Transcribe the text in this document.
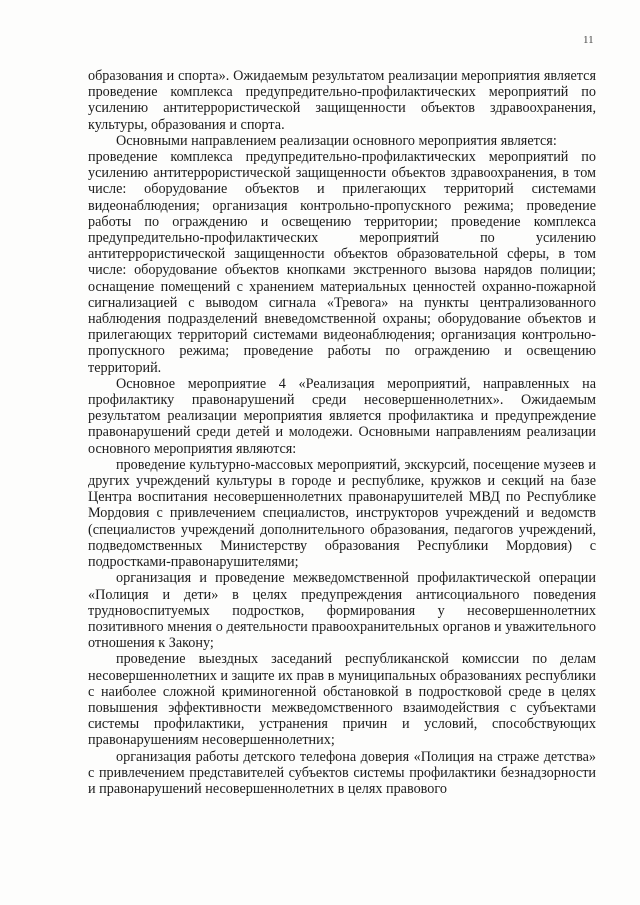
11

образования и спорта». Ожидаемым результатом реализации мероприятия является проведение комплекса предупредительно-профилактических мероприятий по усилению антитеррористической защищенности объектов здравоохранения, культуры, образования и спорта.

Основными направлением реализации основного мероприятия является:

проведение комплекса предупредительно-профилактических мероприятий по усилению антитеррористической защищенности объектов здравоохранения, в том числе: оборудование объектов и прилегающих территорий системами видеонаблюдения; организация контрольно-пропускного режима; проведение работы по ограждению и освещению территории; проведение комплекса предупредительно-профилактических мероприятий по усилению антитеррористической защищенности объектов образовательной сферы, в том числе: оборудование объектов кнопками экстренного вызова нарядов полиции; оснащение помещений с хранением материальных ценностей охранно-пожарной сигнализацией с выводом сигнала «Тревога» на пункты централизованного наблюдения подразделений вневедомственной охраны; оборудование объектов и прилегающих территорий системами видеонаблюдения; организация контрольно-пропускного режима; проведение работы по ограждению и освещению территорий.

Основное мероприятие 4 «Реализация мероприятий, направленных на профилактику правонарушений среди несовершеннолетних». Ожидаемым результатом реализации мероприятия является профилактика и предупреждение правонарушений среди детей и молодежи. Основными направлениям реализации основного мероприятия являются:

проведение культурно-массовых мероприятий, экскурсий, посещение музеев и других учреждений культуры в городе и республике, кружков и секций на базе Центра воспитания несовершеннолетних правонарушителей МВД по Республике Мордовия с привлечением специалистов, инструкторов учреждений и ведомств (специалистов учреждений дополнительного образования, педагогов учреждений, подведомственных Министерству образования Республики Мордовия) с подростками-правонарушителями;

организация и проведение межведомственной профилактической операции «Полиция и дети» в целях предупреждения антисоциального поведения трудновоспитуемых подростков, формирования у несовершеннолетних позитивного мнения о деятельности правоохранительных органов и уважительного отношения к Закону;

проведение выездных заседаний республиканской комиссии по делам несовершеннолетних и защите их прав в муниципальных образованиях республики с наиболее сложной криминогенной обстановкой в подростковой среде в целях повышения эффективности межведомственного взаимодействия с субъектами системы профилактики, устранения причин и условий, способствующих правонарушениям несовершеннолетних;

организация работы детского телефона доверия «Полиция на страже детства» с привлечением представителей субъектов системы профилактики безнадзорности и правонарушений несовершеннолетних в целях правового
